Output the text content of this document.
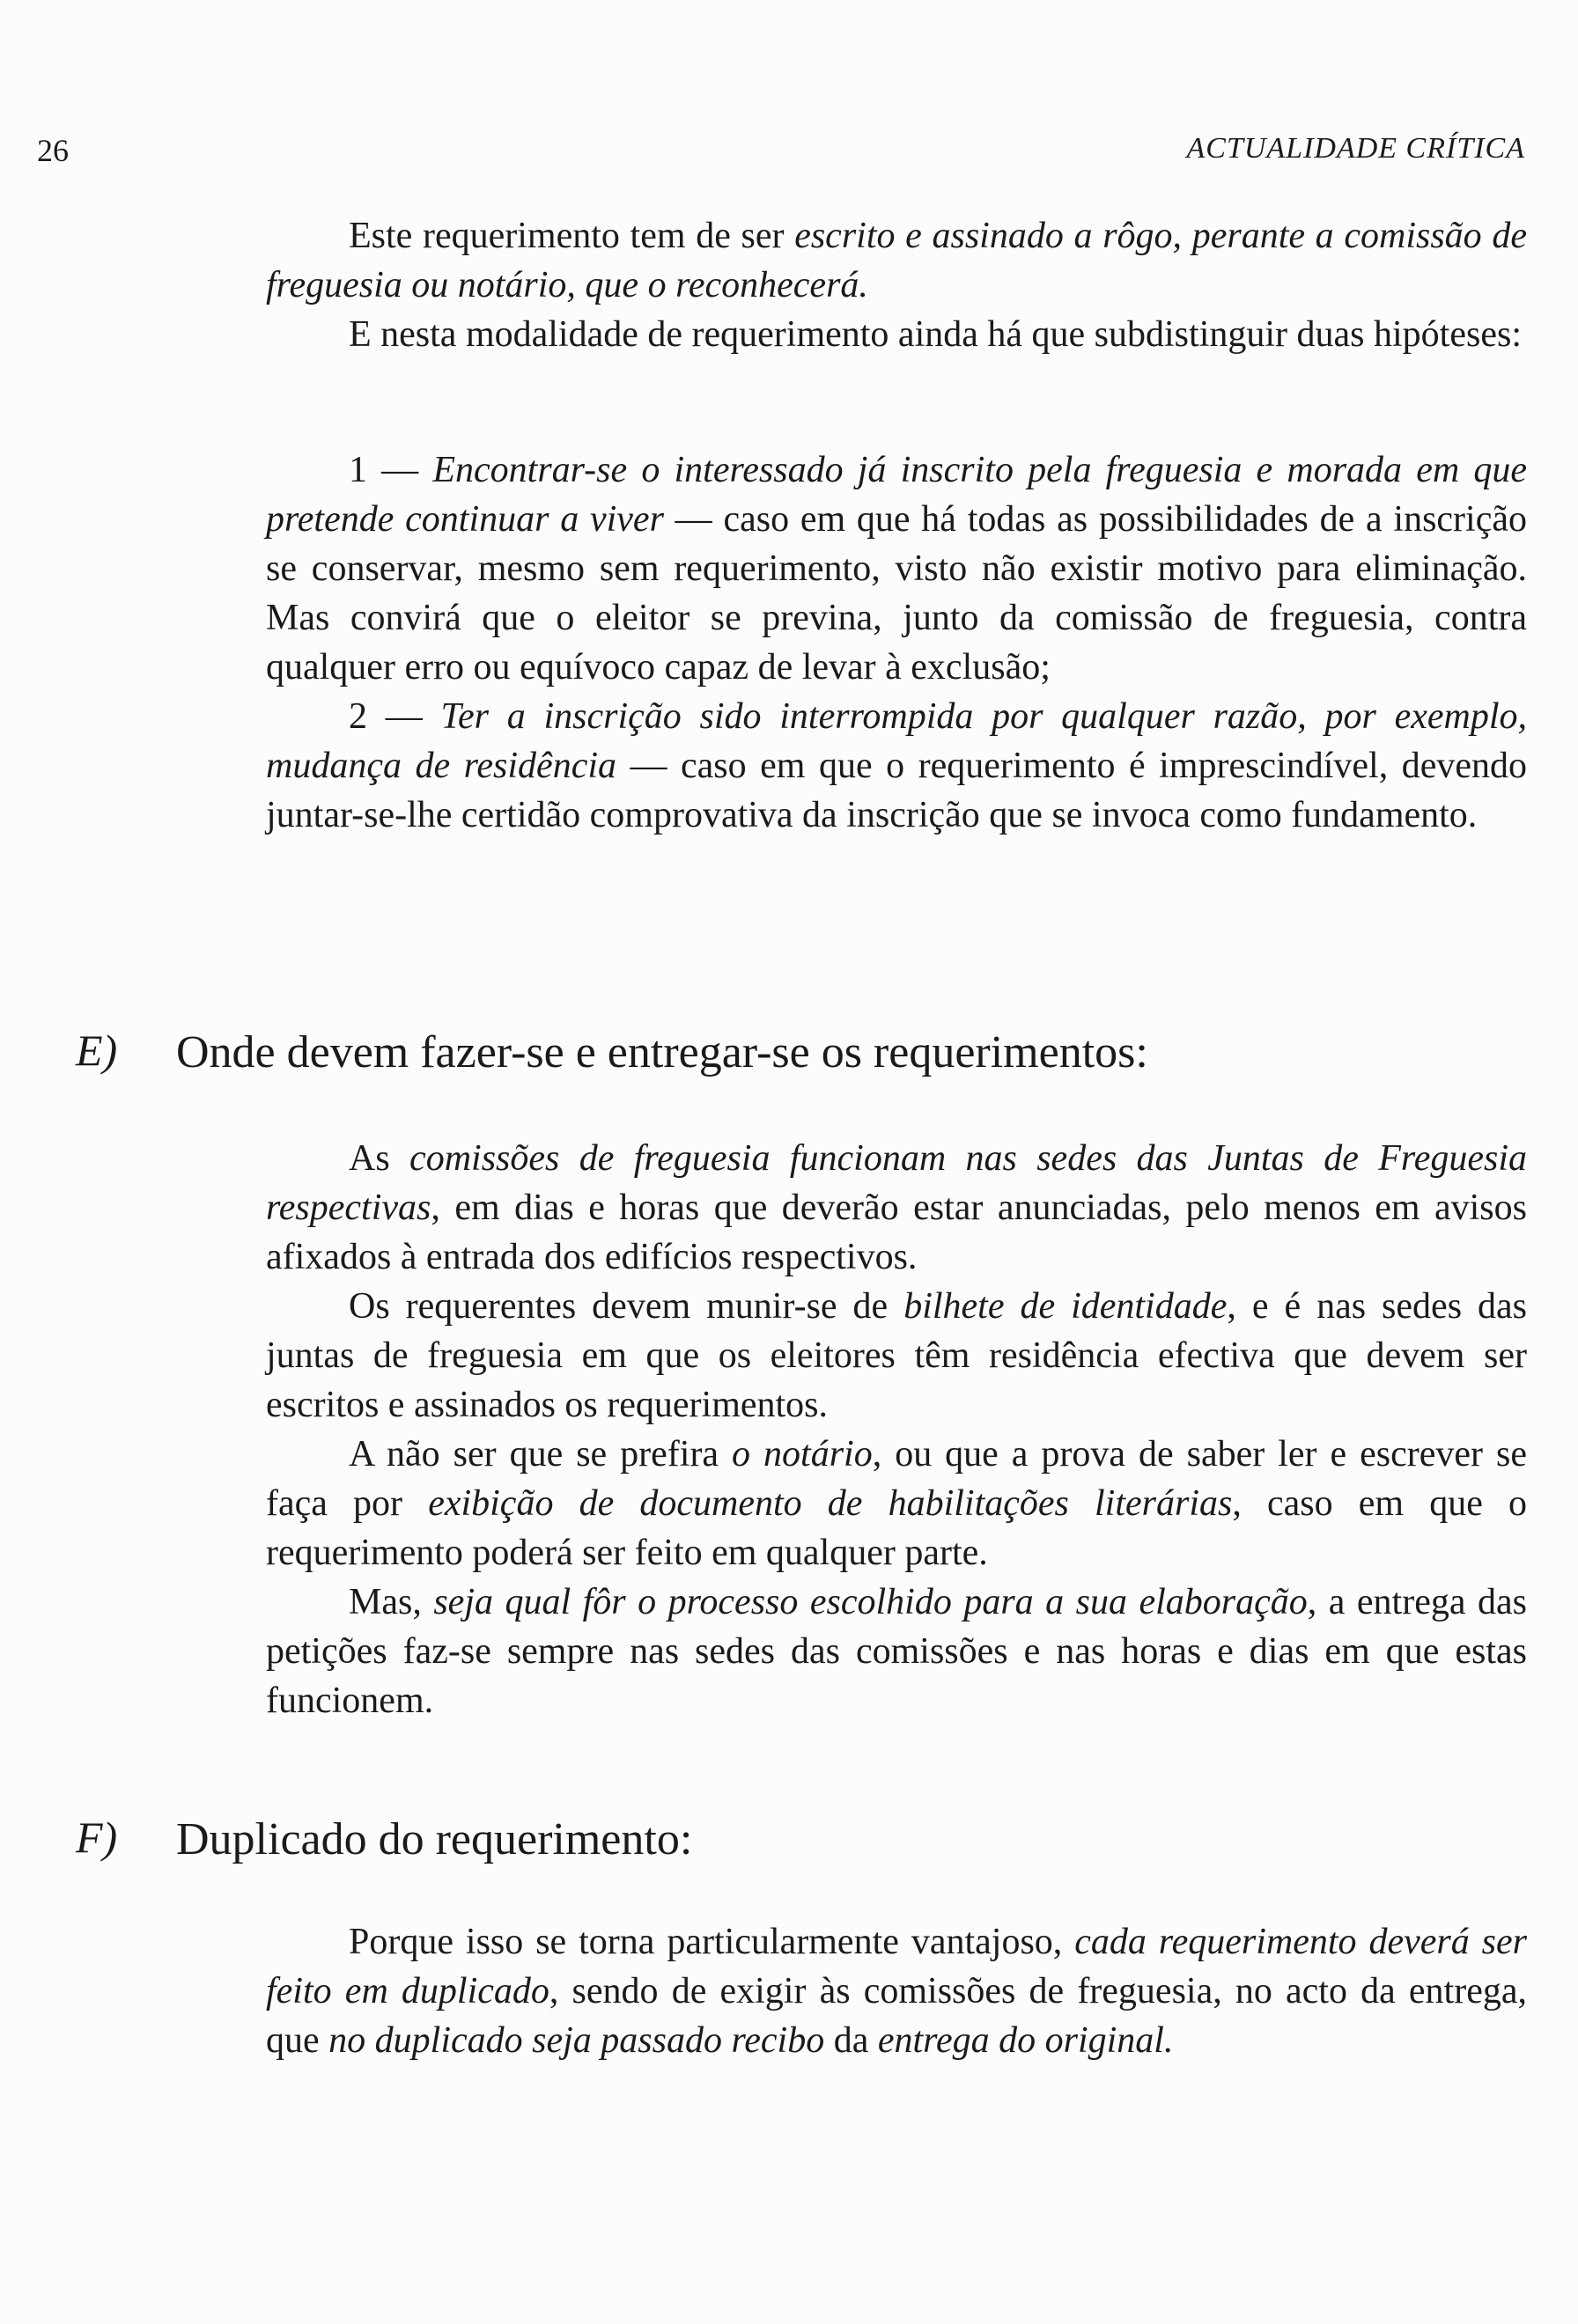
26	ACTUALIDADE CRÍTICA

Este requerimento tem de ser escrito e assinado a rôgo, perante a comissão de freguesia ou notário, que o reconhecerá.

E nesta modalidade de requerimento ainda há que subdistinguir duas hipóteses:

1 — Encontrar-se o interessado já inscrito pela freguesia e morada em que pretende continuar a viver — caso em que há todas as possibilidades de a inscrição se conservar, mesmo sem requerimento, visto não existir motivo para eliminação. Mas convirá que o eleitor se previna, junto da comissão de freguesia, contra qualquer erro ou equívoco capaz de levar à exclusão;

2 — Ter a inscrição sido interrompida por qualquer razão, por exemplo, mudança de residência — caso em que o requerimento é imprescindível, devendo juntar-se-lhe certidão comprovativa da inscrição que se invoca como fundamento.

E) Onde devem fazer-se e entregar-se os requerimentos:

As comissões de freguesia funcionam nas sedes das Juntas de Freguesia respectivas, em dias e horas que deverão estar anunciadas, pelo menos em avisos afixados à entrada dos edifícios respectivos.

Os requerentes devem munir-se de bilhete de identidade, e é nas sedes das juntas de freguesia em que os eleitores têm residência efectiva que devem ser escritos e assinados os requerimentos.

A não ser que se prefira o notário, ou que a prova de saber ler e escrever se faça por exibição de documento de habilitações literárias, caso em que o requerimento poderá ser feito em qualquer parte.

Mas, seja qual fôr o processo escolhido para a sua elaboração, a entrega das petições faz-se sempre nas sedes das comissões e nas horas e dias em que estas funcionem.

F) Duplicado do requerimento:

Porque isso se torna particularmente vantajoso, cada requerimento deverá ser feito em duplicado, sendo de exigir às comissões de freguesia, no acto da entrega, que no duplicado seja passado recibo da entrega do original.
